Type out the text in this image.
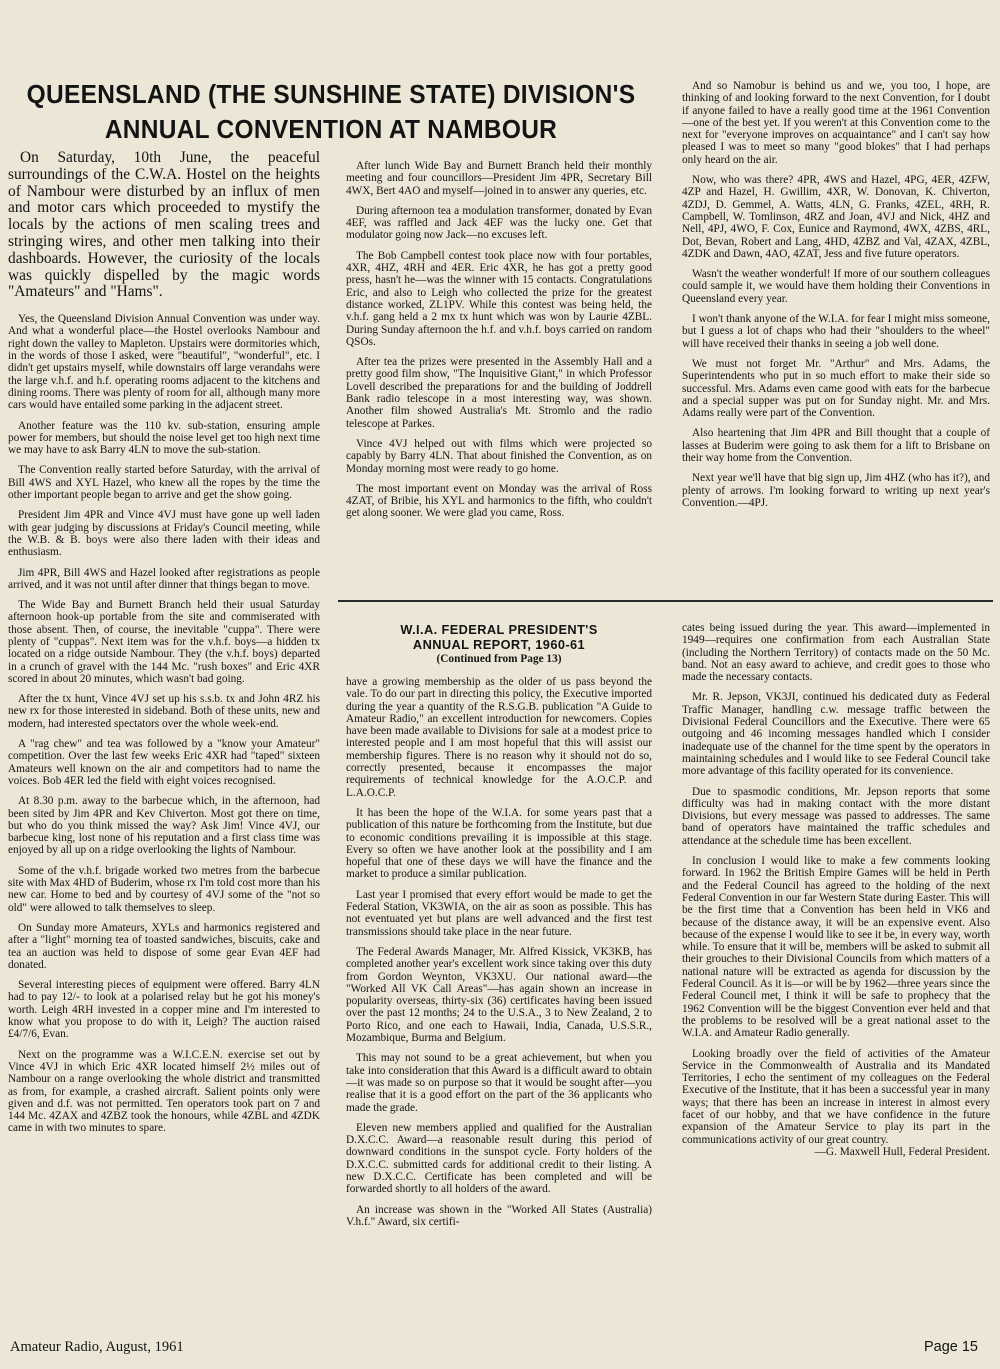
QUEENSLAND (THE SUNSHINE STATE) DIVISION'S
ANNUAL CONVENTION AT NAMBOUR

On Saturday, 10th June, the peaceful surroundings of the C.W.A. Hostel on the heights of Nambour were disturbed by an influx of men and motor cars which proceeded to mystify the locals by the actions of men scaling trees and stringing wires, and other men talking into their dashboards. However, the curiosity of the locals was quickly dispelled by the magic words "Amateurs" and "Hams".

Yes, the Queensland Division Annual Convention was under way. And what a wonderful place—the Hostel overlooks Nambour and right down the valley to Mapleton. Upstairs were dormitories which, in the words of those I asked, were "beautiful", "wonderful", etc. I didn't get upstairs myself, while downstairs off large verandahs were the large v.h.f. and h.f. operating rooms adjacent to the kitchens and dining rooms. There was plenty of room for all, although many more cars would have entailed some parking in the adjacent street.

Another feature was the 110 kv. sub-station, ensuring ample power for members, but should the noise level get too high next time we may have to ask Barry 4LN to move the sub-station.

The Convention really started before Saturday, with the arrival of Bill 4WS and XYL Hazel, who knew all the ropes by the time the other important people began to arrive and get the show going.

President Jim 4PR and Vince 4VJ must have gone up well laden with gear judging by discussions at Friday's Council meeting, while the W.B. & B. boys were also there laden with their ideas and enthusiasm.

Jim 4PR, Bill 4WS and Hazel looked after registrations as people arrived, and it was not until after dinner that things began to move.

The Wide Bay and Burnett Branch held their usual Saturday afternoon hook-up portable from the site and commiserated with those absent. Then, of course, the inevitable "cuppa". There were plenty of "cuppas". Next item was for the v.h.f. boys—a hidden tx located on a ridge outside Nambour. They (the v.h.f. boys) departed in a crunch of gravel with the 144 Mc. "rush boxes" and Eric 4XR scored in about 20 minutes, which wasn't bad going.

After the tx hunt, Vince 4VJ set up his s.s.b. tx and John 4RZ his new rx for those interested in sideband. Both of these units, new and modern, had interested spectators over the whole week-end.

A "rag chew" and tea was followed by a "know your Amateur" competition. Over the last few weeks Eric 4XR had "taped" sixteen Amateurs well known on the air and competitors had to name the voices. Bob 4ER led the field with eight voices recognised.

At 8.30 p.m. away to the barbecue which, in the afternoon, had been sited by Jim 4PR and Kev Chiverton. Most got there on time, but who do you think missed the way? Ask Jim! Vince 4VJ, our barbecue king, lost none of his reputation and a first class time was enjoyed by all up on a ridge overlooking the lights of Nambour.

Some of the v.h.f. brigade worked two metres from the barbecue site with Max 4HD of Buderim, whose rx I'm told cost more than his new car. Home to bed and by courtesy of 4VJ some of the "not so old" were allowed to talk themselves to sleep.

On Sunday more Amateurs, XYLs and harmonics registered and after a "light" morning tea of toasted sandwiches, biscuits, cake and tea an auction was held to dispose of some gear Evan 4EF had donated.

Several interesting pieces of equipment were offered. Barry 4LN had to pay 12/- to look at a polarised relay but he got his money's worth. Leigh 4RH invested in a copper mine and I'm interested to know what you propose to do with it, Leigh? The auction raised £4/7/6, Evan.

Next on the programme was a W.I.C.E.N. exercise set out by Vince 4VJ in which Eric 4XR located himself 2½ miles out of Nambour on a range overlooking the whole district and transmitted as from, for example, a crashed aircraft. Salient points only were given and d.f. was not permitted. Ten operators took part on 7 and 144 Mc. 4ZAX and 4ZBZ took the honours, while 4ZBL and 4ZDK came in with two minutes to spare.

After lunch Wide Bay and Burnett Branch held their monthly meeting and four councillors—President Jim 4PR, Secretary Bill 4WX, Bert 4AO and myself—joined in to answer any queries, etc.

During afternoon tea a modulation transformer, donated by Evan 4EF, was raffled and Jack 4EF was the lucky one. Get that modulator going now Jack—no excuses left.

The Bob Campbell contest took place now with four portables, 4XR, 4HZ, 4RH and 4ER. Eric 4XR, he has got a pretty good press, hasn't he—was the winner with 15 contacts. Congratulations Eric, and also to Leigh who collected the prize for the greatest distance worked, ZL1PV. While this contest was being held, the v.h.f. gang held a 2 mx tx hunt which was won by Laurie 4ZBL. During Sunday afternoon the h.f. and v.h.f. boys carried on random QSOs.

After tea the prizes were presented in the Assembly Hall and a pretty good film show, "The Inquisitive Giant," in which Professor Lovell described the preparations for and the building of Joddrell Bank radio telescope in a most interesting way, was shown. Another film showed Australia's Mt. Stromlo and the radio telescope at Parkes.

Vince 4VJ helped out with films which were projected so capably by Barry 4LN. That about finished the Convention, as on Monday morning most were ready to go home.

The most important event on Monday was the arrival of Ross 4ZAT, of Bribie, his XYL and harmonics to the fifth, who couldn't get along sooner. We were glad you came, Ross.

And so Namobur is behind us and we, you too, I hope, are thinking of and looking forward to the next Convention, for I doubt if anyone failed to have a really good time at the 1961 Convention—one of the best yet. If you weren't at this Convention come to the next for "everyone improves on acquaintance" and I can't say how pleased I was to meet so many "good blokes" that I had perhaps only heard on the air.

Now, who was there? 4PR, 4WS and Hazel, 4PG, 4ER, 4ZFW, 4ZP and Hazel, H. Gwillim, 4XR, W. Donovan, K. Chiverton, 4ZDJ, D. Gemmel, A. Watts, 4LN, G. Franks, 4ZEL, 4RH, R. Campbell, W. Tomlinson, 4RZ and Joan, 4VJ and Nick, 4HZ and Nell, 4PJ, 4WO, F. Cox, Eunice and Raymond, 4WX, 4ZBS, 4RL, Dot, Bevan, Robert and Lang, 4HD, 4ZBZ and Val, 4ZAX, 4ZBL, 4ZDK and Dawn, 4AO, 4ZAT, Jess and five future operators.

Wasn't the weather wonderful! If more of our southern colleagues could sample it, we would have them holding their Conventions in Queensland every year.

I won't thank anyone of the W.I.A. for fear I might miss someone, but I guess a lot of chaps who had their "shoulders to the wheel" will have received their thanks in seeing a job well done.

We must not forget Mr. "Arthur" and Mrs. Adams, the Superintendents who put in so much effort to make their side so successful. Mrs. Adams even came good with eats for the barbecue and a special supper was put on for Sunday night. Mr. and Mrs. Adams really were part of the Convention.

Also heartening that Jim 4PR and Bill thought that a couple of lasses at Buderim were going to ask them for a lift to Brisbane on their way home from the Convention.

Next year we'll have that big sign up, Jim 4HZ (who has it?), and plenty of arrows. I'm looking forward to writing up next year's Convention.—4PJ.

W.I.A. FEDERAL PRESIDENT'S
ANNUAL REPORT, 1960-61
(Continued from Page 13)

have a growing membership as the older of us pass beyond the vale. To do our part in directing this policy, the Executive imported during the year a quantity of the R.S.G.B. publication "A Guide to Amateur Radio," an excellent introduction for newcomers. Copies have been made available to Divisions for sale at a modest price to interested people and I am most hopeful that this will assist our membership figures. There is no reason why it should not do so, correctly presented, because it encompasses the major requirements of technical knowledge for the A.O.C.P. and L.A.O.C.P.

It has been the hope of the W.I.A. for some years past that a publication of this nature be forthcoming from the Institute, but due to economic conditions prevailing it is impossible at this stage. Every so often we have another look at the possibility and I am hopeful that one of these days we will have the finance and the market to produce a similar publication.

Last year I promised that every effort would be made to get the Federal Station, VK3WIA, on the air as soon as possible. This has not eventuated yet but plans are well advanced and the first test transmissions should take place in the near future.

The Federal Awards Manager, Mr. Alfred Kissick, VK3KB, has completed another year's excellent work since taking over this duty from Gordon Weynton, VK3XU. Our national award—the "Worked All VK Call Areas"—has again shown an increase in popularity overseas, thirty-six (36) certificates having been issued over the past 12 months; 24 to the U.S.A., 3 to New Zealand, 2 to Porto Rico, and one each to Hawaii, India, Canada, U.S.S.R., Mozambique, Burma and Belgium.

This may not sound to be a great achievement, but when you take into consideration that this Award is a difficult award to obtain—it was made so on purpose so that it would be sought after—you realise that it is a good effort on the part of the 36 applicants who made the grade.

Eleven new members applied and qualified for the Australian D.X.C.C. Award—a reasonable result during this period of downward conditions in the sunspot cycle. Forty holders of the D.X.C.C. submitted cards for additional credit to their listing. A new D.X.C.C. Certificate has been completed and will be forwarded shortly to all holders of the award.

An increase was shown in the "Worked All States (Australia) V.h.f." Award, six certifi-

cates being issued during the year. This award—implemented in 1949—requires one confirmation from each Australian State (including the Northern Territory) of contacts made on the 50 Mc. band. Not an easy award to achieve, and credit goes to those who made the necessary contacts.

Mr. R. Jepson, VK3JI, continued his dedicated duty as Federal Traffic Manager, handling c.w. message traffic between the Divisional Federal Councillors and the Executive. There were 65 outgoing and 46 incoming messages handled which I consider inadequate use of the channel for the time spent by the operators in maintaining schedules and I would like to see Federal Council take more advantage of this facility operated for its convenience.

Due to spasmodic conditions, Mr. Jepson reports that some difficulty was had in making contact with the more distant Divisions, but every message was passed to addresses. The same band of operators have maintained the traffic schedules and attendance at the schedule time has been excellent.

In conclusion I would like to make a few comments looking forward. In 1962 the British Empire Games will be held in Perth and the Federal Council has agreed to the holding of the next Federal Convention in our far Western State during Easter. This will be the first time that a Convention has been held in VK6 and because of the distance away, it will be an expensive event. Also because of the expense I would like to see it be, in every way, worth while. To ensure that it will be, members will be asked to submit all their grouches to their Divisional Councils from which matters of a national nature will be extracted as agenda for discussion by the Federal Council. As it is—or will be by 1962—three years since the Federal Council met, I think it will be safe to prophecy that the 1962 Convention will be the biggest Convention ever held and that the problems to be resolved will be a great national asset to the W.I.A. and Amateur Radio generally.

Looking broadly over the field of activities of the Amateur Service in the Commonwealth of Australia and its Mandated Territories, I echo the sentiment of my colleagues on the Federal Executive of the Institute, that it has been a successful year in many ways; that there has been an increase in interest in almost every facet of our hobby, and that we have confidence in the future expansion of the Amateur Service to play its part in the communications activity of our great country.

—G. Maxwell Hull, Federal President.

Amateur Radio, August, 1961	Page 15
